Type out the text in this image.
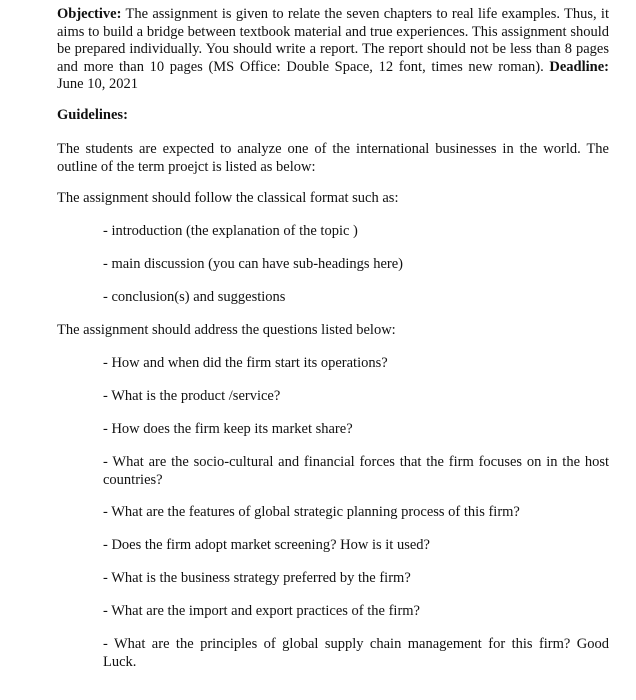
Objective: The assignment is given to relate the seven chapters to real life examples. Thus, it aims to build a bridge between textbook material and true experiences. This assignment should be prepared individually. You should write a report. The report should not be less than 8 pages and more than 10 pages (MS Office: Double Space, 12 font, times new roman). Deadline: June 10, 2021

Guidelines:

The students are expected to analyze one of the international businesses in the world. The outline of the term proejct is listed as below:

The assignment should follow the classical format such as:

- introduction (the explanation of the topic )

- main discussion (you can have sub-headings here)

- conclusion(s) and suggestions

The assignment should address the questions listed below:

- How and when did the firm start its operations?

- What is the product /service?

- How does the firm keep its market share?

- What are the socio-cultural and financial forces that the firm focuses on in the host countries?

- What are the features of global strategic planning process of this firm?

- Does the firm adopt market screening? How is it used?

- What is the business strategy preferred by the firm?

- What are the import and export practices of the firm?

- What are the principles of global supply chain management for this firm? Good Luck.
